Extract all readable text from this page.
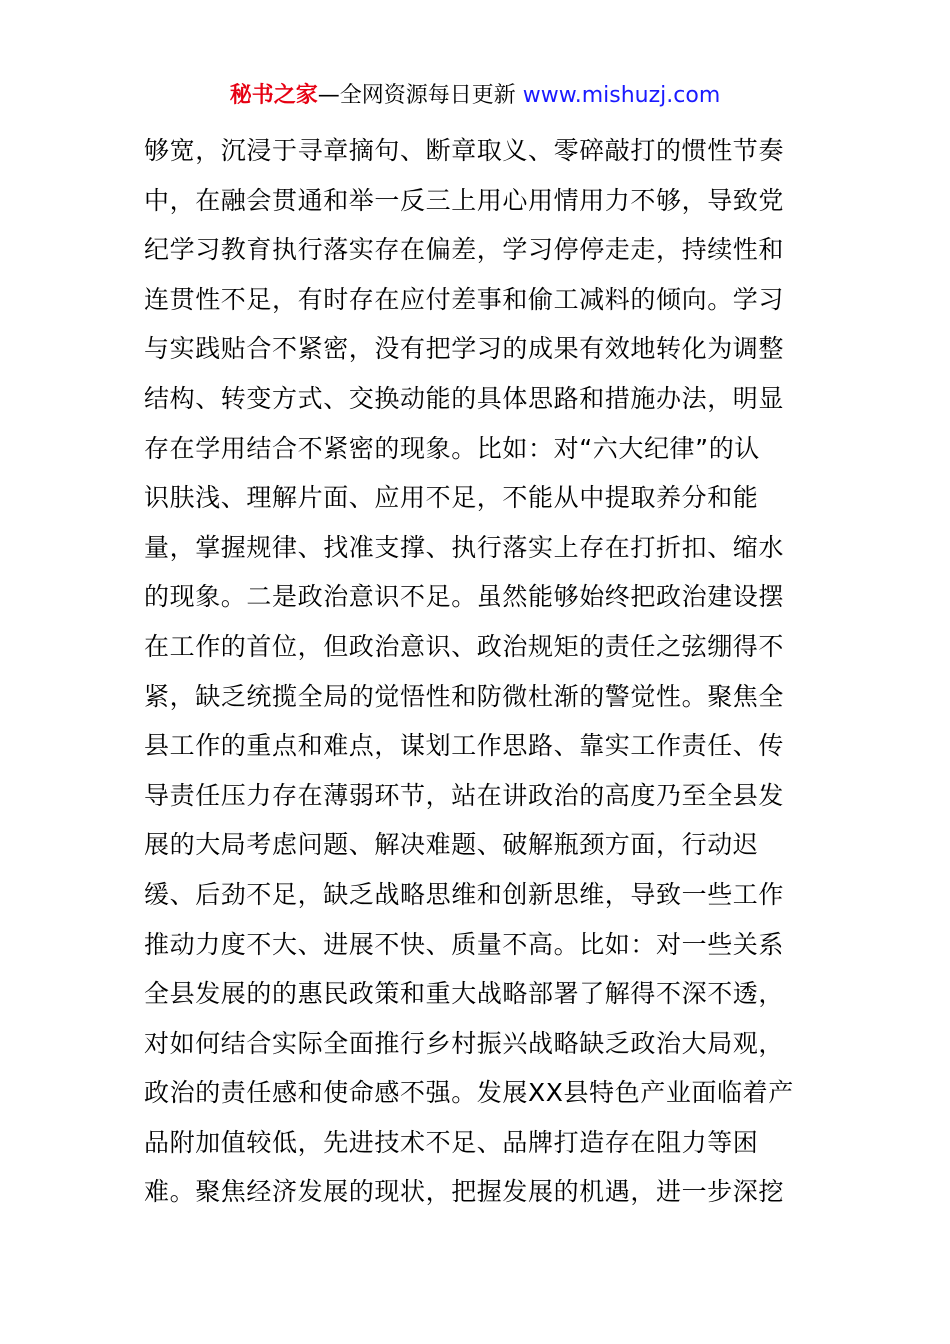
秘书之家—全网资源每日更新 www.mishuzj.com
够宽，沉浸于寻章摘句、断章取义、零碎敲打的惯性节奏
中，在融会贯通和举一反三上用心用情用力不够，导致党
纪学习教育执行落实存在偏差，学习停停走走，持续性和
连贯性不足，有时存在应付差事和偷工减料的倾向。学习
与实践贴合不紧密，没有把学习的成果有效地转化为调整
结构、转变方式、交换动能的具体思路和措施办法，明显
存在学用结合不紧密的现象。比如：对“六大纪律”的认
识肤浅、理解片面、应用不足，不能从中提取养分和能
量，掌握规律、找准支撑、执行落实上存在打折扣、缩水
的现象。二是政治意识不足。虽然能够始终把政治建设摆
在工作的首位，但政治意识、政治规矩的责任之弦绷得不
紧，缺乏统揽全局的觉悟性和防微杜渐的警觉性。聚焦全
县工作的重点和难点，谋划工作思路、靠实工作责任、传
导责任压力存在薄弱环节，站在讲政治的高度乃至全县发
展的大局考虑问题、解决难题、破解瓶颈方面，行动迟
缓、后劲不足，缺乏战略思维和创新思维，导致一些工作
推动力度不大、进展不快、质量不高。比如：对一些关系
全县发展的的惠民政策和重大战略部署了解得不深不透，
对如何结合实际全面推行乡村振兴战略缺乏政治大局观，
政治的责任感和使命感不强。发展XX县特色产业面临着产
品附加值较低，先进技术不足、品牌打造存在阻力等困
难。聚焦经济发展的现状，把握发展的机遇，进一步深挖
